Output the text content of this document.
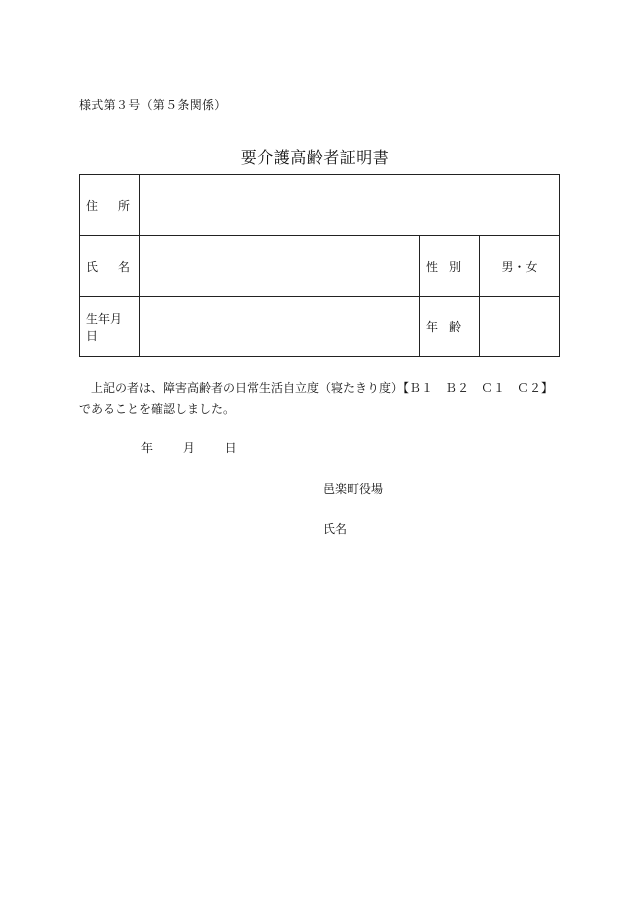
様式第３号（第５条関係）
要介護高齢者証明書
住 所			

氏 名		性 別	男・女
生年月日		年 齢	

上記の者は、障害高齢者の日常生活自立度（寝たきり度）【Ｂ１　Ｂ２　Ｃ１　Ｃ２】

であることを確認しました。

年 月 日
邑楽町役場
氏名
